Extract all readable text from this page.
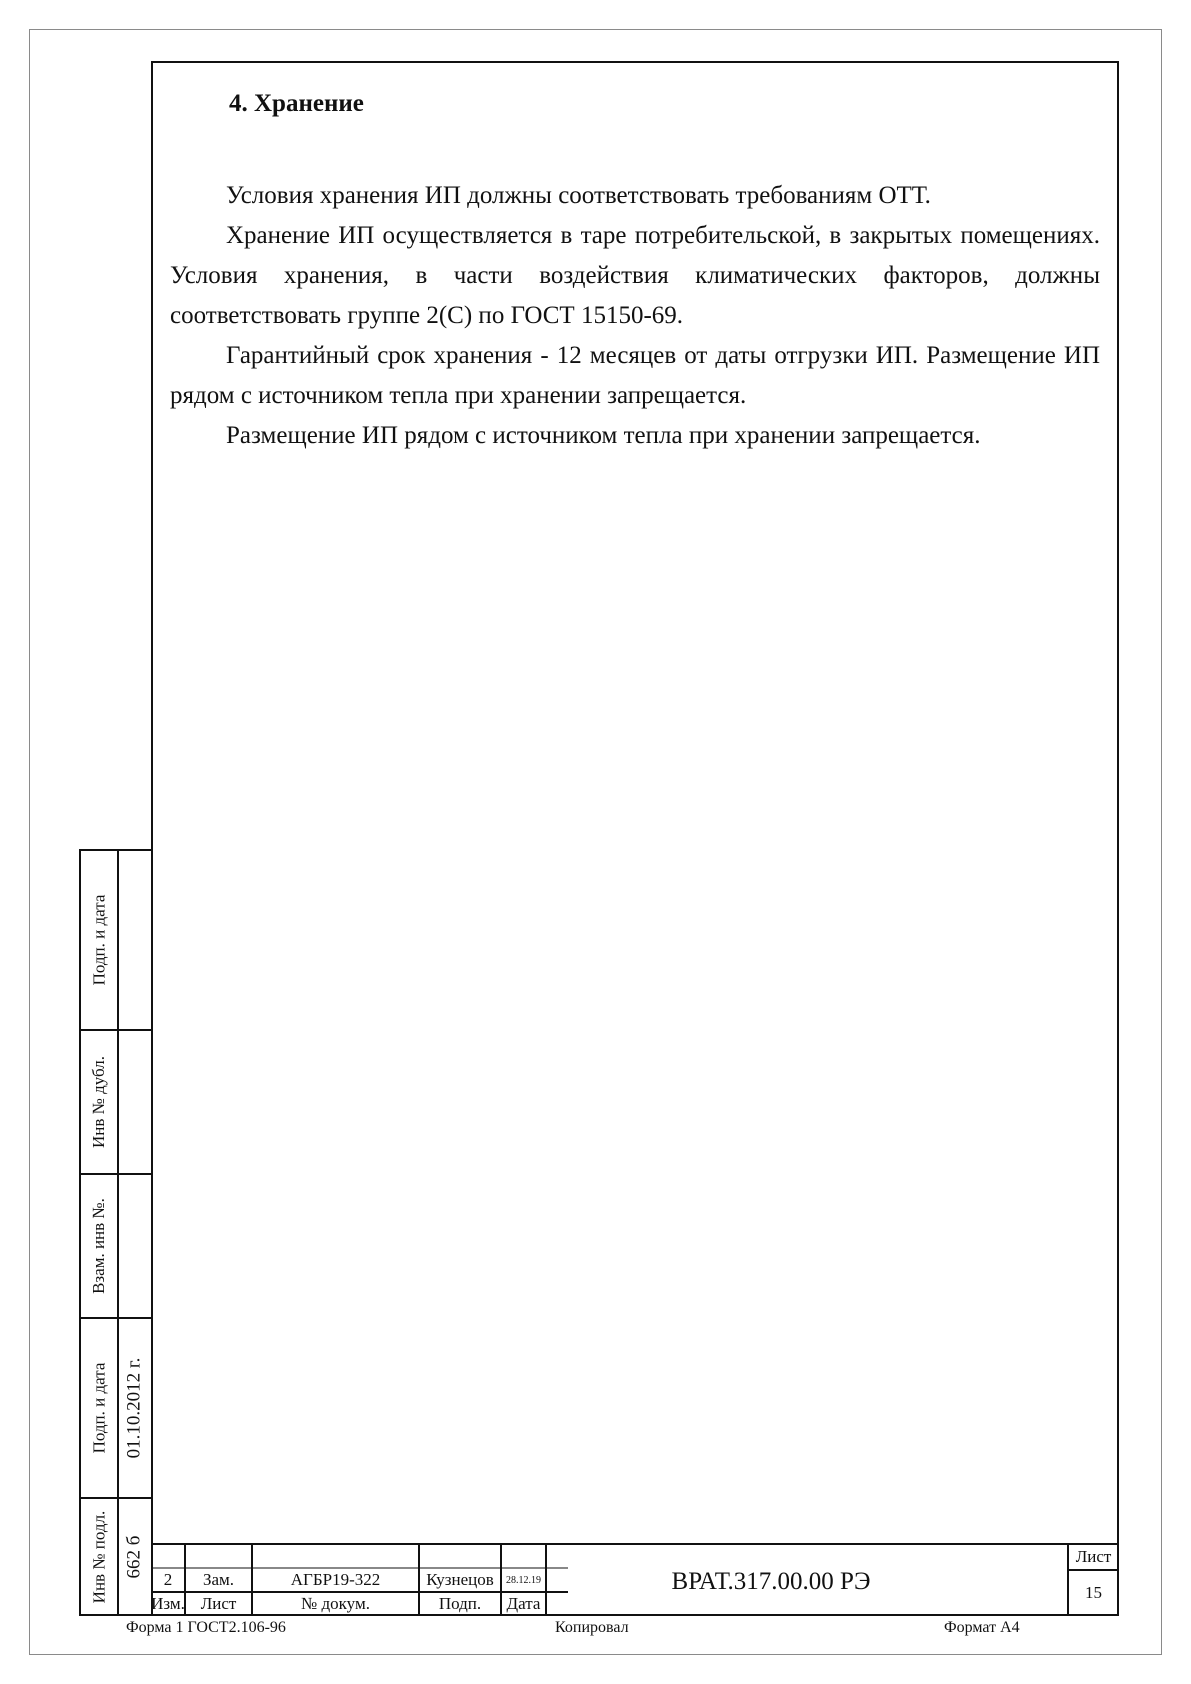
4. Хранение

Условия хранения ИП должны соответствовать требованиям ОТТ.

Хранение ИП осуществляется в таре потребительской, в закрытых помещениях. Условия хранения, в части воздействия климатических факторов, должны соответствовать группе 2(С) по ГОСТ 15150-69.

Гарантийный срок хранения - 12 месяцев от даты отгрузки ИП. Размещение ИП рядом с источником тепла при хранении запрещается.

Размещение ИП рядом с источником тепла при хранении запрещается.

Подп. и дата
Инв № дубл.
Взам. инв №.
Подп. и дата 01.10.2012 г.
Инв № подл. 662 б
2	Зам.	АГБР19-322	Кузнецов	28.12.19
Изм. Лист	№ докум.	Подп.	Дата
ВРАТ.317.00.00 РЭ
Лист
15
Форма 1 ГОСТ2.106-96	Копировал	Формат А4
